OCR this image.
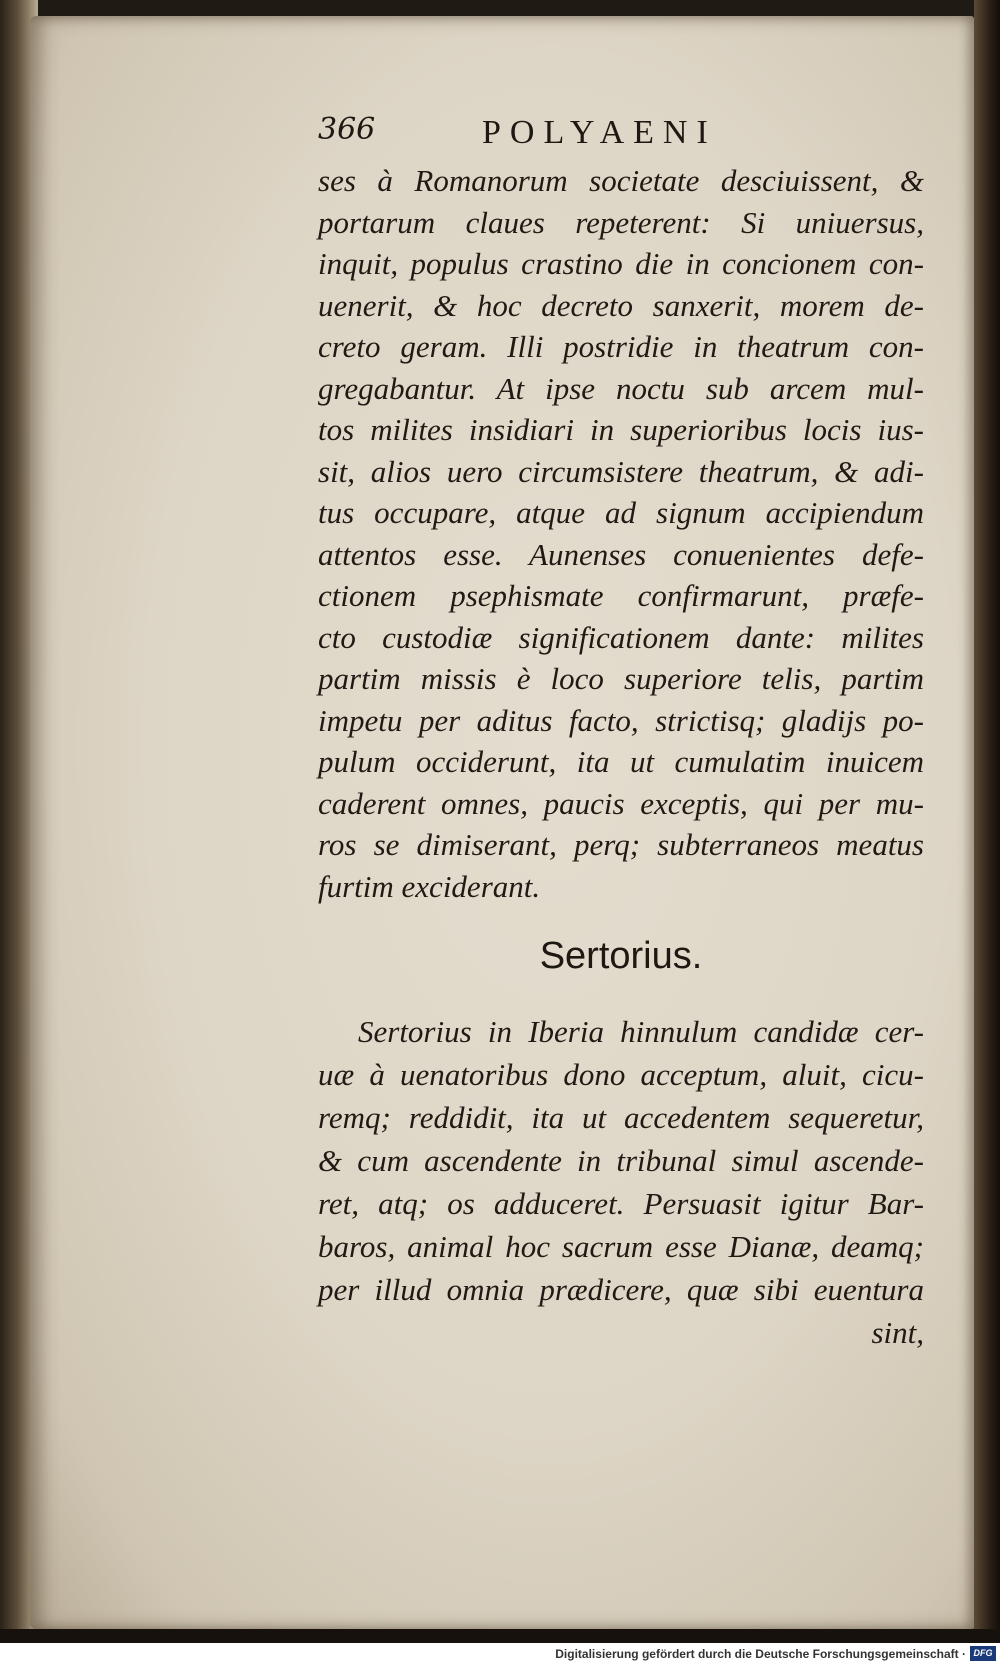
366	POLYAENI
ses à Romanorum societate desciuissent, &
portarum claues repeterent: Si uniuersus,
inquit, populus crastino die in concionem con-
uenerit, & hoc decreto sanxerit, morem de-
creto geram. Illi postridie in theatrum con-
gregabantur. At ipse noctu sub arcem mul-
tos milites insidiari in superioribus locis ius-
sit, alios uero circumsistere theatrum, & adi-
tus occupare, atque ad signum accipiendum
attentos esse. Aunenses conuenientes defe-
ctionem psephismate confirmarunt, præfe-
cto custodiæ significationem dante: milites
partim missis è loco superiore telis, partim
impetu per aditus facto, strictisq; gladijs po-
pulum occiderunt, ita ut cumulatim inuicem
caderent omnes, paucis exceptis, qui per mu-
ros se dimiserant, perq; subterraneos meatus
furtim exciderant.
Sertorius.
Sertorius in Iberia hinnulum candidæ cer-
uæ à uenatoribus dono acceptum, aluit, cicu-
remq; reddidit, ita ut accedentem sequeretur,
& cum ascendente in tribunal simul ascende-
ret, atq; os adduceret. Persuasit igitur Bar-
baros, animal hoc sacrum esse Dianæ, deamq;
per illud omnia prædicere, quæ sibi euentura
sint,
Digitalisierung gefördert durch die Deutsche Forschungsgemeinschaft · DFG
